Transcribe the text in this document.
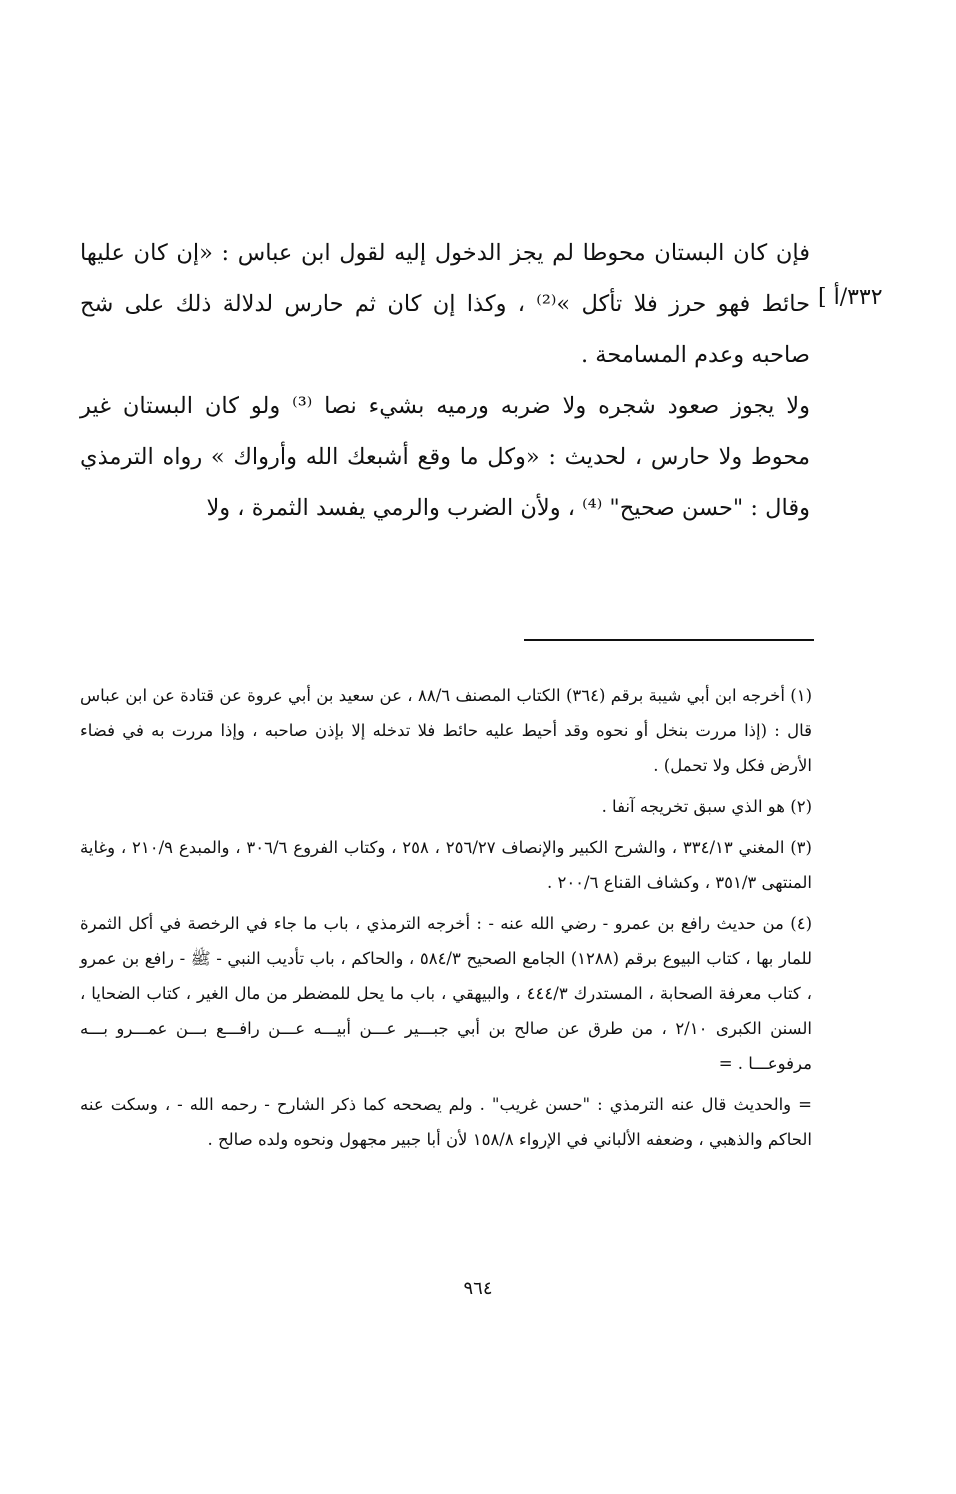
[ ٣٣٢/أ

فإن كان البستان محوطا لم يجز الدخول إليه لقول ابن عباس : «إن كان عليها حائط فهو حرز فلا تأكل »⁽²⁾ ، وكذا إن كان ثم حارس لدلالة ذلك على شح صاحبه وعدم المسامحة .

ولا يجوز صعود شجره ولا ضربه ورميه بشيء نصا ⁽³⁾ ولو كان البستان غير محوط ولا حارس ، لحديث : «وكل ما وقع أشبعك الله وأرواك » رواه الترمذي وقال : "حسن صحيح" ⁽⁴⁾ ، ولأن الضرب والرمي يفسد الثمرة ، ولا

(١) أخرجه ابن أبي شيبة برقم (٣٦٤) الكتاب المصنف ٨٨/٦ ، عن سعيد بن أبي عروة عن قتادة عن ابن عباس قال : (إذا مررت بنخل أو نحوه وقد أحيط عليه حائط فلا تدخله إلا بإذن صاحبه ، وإذا مررت به في فضاء الأرض فكل ولا تحمل) .

(٢) هو الذي سبق تخريجه آنفا .

(٣) المغني ٣٣٤/١٣ ، والشرح الكبير والإنصاف ٢٥٦/٢٧ ، ٢٥٨ ، وكتاب الفروع ٣٠٦/٦ ، والمبدع ٢١٠/٩ ، وغاية المنتهى ٣٥١/٣ ، وكشاف القناع ٢٠٠/٦ .

(٤) من حديث رافع بن عمرو - رضي الله عنه - : أخرجه الترمذي ، باب ما جاء في الرخصة في أكل الثمرة للمار بها ، كتاب البيوع برقم (١٢٨٨) الجامع الصحيح ٥٨٤/٣ ، والحاكم ، باب تأديب النبي - ﷺ - رافع بن عمرو ، كتاب معرفة الصحابة ، المستدرك ٤٤٤/٣ ، والبيهقي ، باب ما يحل للمضطر من مال الغير ، كتاب الضحايا ، السنن الكبرى ٢/١٠ ، من طرق عن صالح بن أبي جبـــير عـــن أبيـــه عـــن رافـــع بـــن عمـــرو بـــه مرفوعـــا . =

= والحديث قال عنه الترمذي : "حسن غريب" . ولم يصححه كما ذكر الشارح - رحمه الله - ، وسكت عنه الحاكم والذهبي ، وضعفه الألباني في الإرواء ١٥٨/٨ لأن أبا جبير مجهول ونحوه ولده صالح .

٩٦٤
